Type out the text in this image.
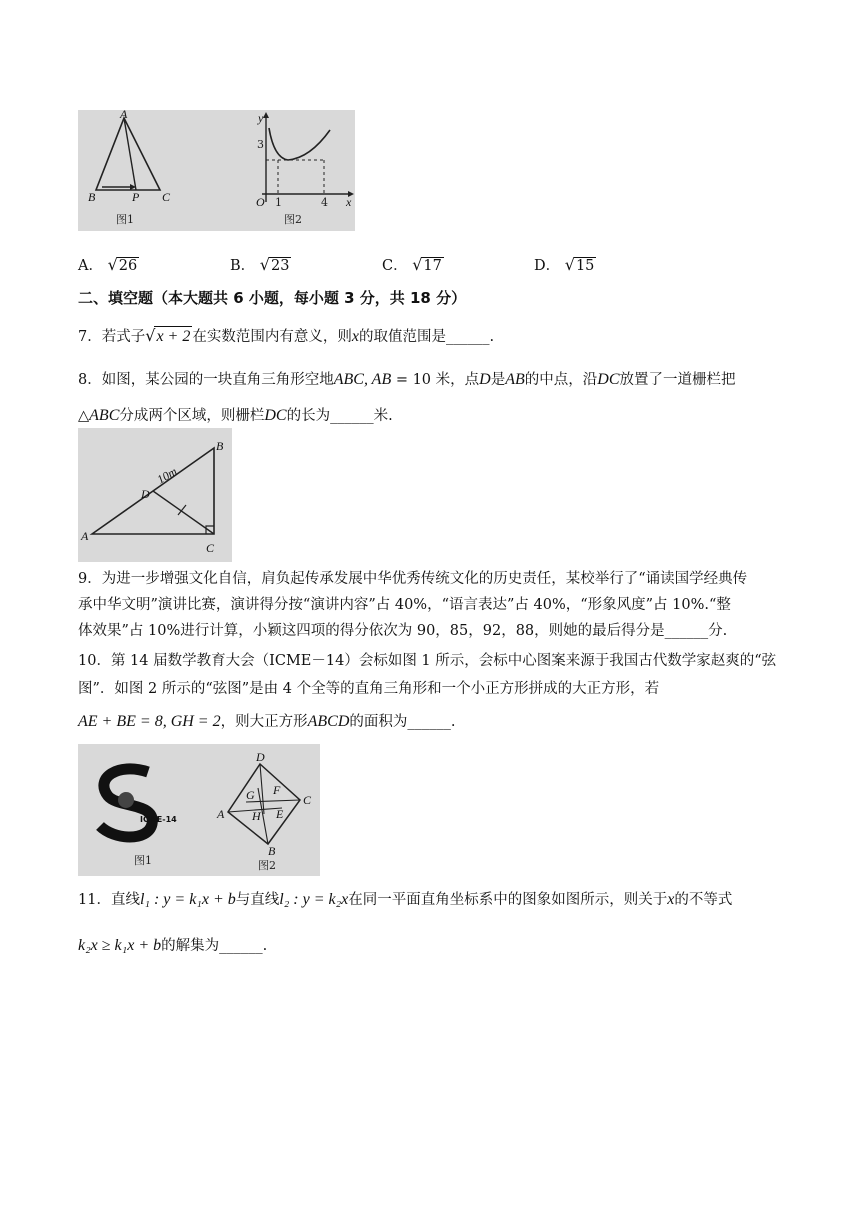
A
B	P C
图1
y
x
O
3
1	4
图2
A． √26	B． √23	C． √17	D． √15
二、填空题（本大题共 6 小题，每小题 3 分，共 18 分）
7．若式子√x + 2 在实数范围内有意义，则x的取值范围是______.
8．如图，某公园的一块直角三角形空地ABC, AB = 10 米，点D是AB的中点，沿DC放置了一道栅栏把
△ABC分成两个区域，则栅栏DC的长为______米.
A
B
C
D
10m
9．为进一步增强文化自信，肩负起传承发展中华优秀传统文化的历史责任，某校举行了“诵读国学经典传
承中华文明”演讲比赛，演讲得分按“演讲内容”占 40%，“语言表达”占 40%，“形象风度”占 10%.“整
体效果”占 10%进行计算，小颖这四项的得分依次为 90，85，92，88，则她的最后得分是______分.
10．第 14 届数学教育大会（ICME－14）会标如图 1 所示，会标中心图案来源于我国古代数学家赵爽的“弦
图”．如图 2 所示的“弦图”是由 4 个全等的直角三角形和一个小正方形拼成的大正方形，若
AE + BE = 8, GH = 2，则大正方形ABCD的面积为______.
ICME-14
图1
D
C
A
B
G F
H E
图2
11．直线l₁ : y = k₁x + b与直线l₂ : y = k₂x在同一平面直角坐标系中的图象如图所示，则关于x的不等式
k₂x ≥ k₁x + b的解集为______.
